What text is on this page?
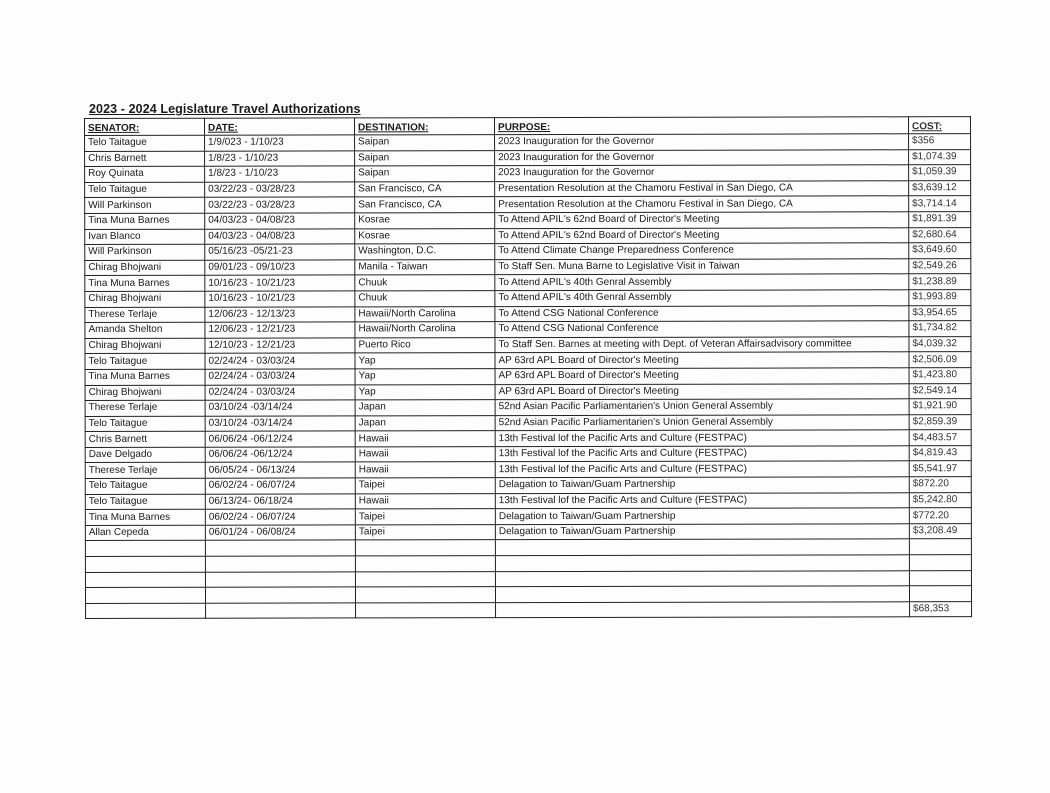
2023 - 2024 Legislature Travel Authorizations
SENATOR:	DATE:	DESTINATION:	PURPOSE:	COST:
Telo Taitague	1/9/023 - 1/10/23	Saipan	2023 Inauguration for the Governor	$356
Chris Barnett	1/8/23 - 1/10/23	Saipan	2023 Inauguration for the Governor	$1,074.39
Roy Quinata	1/8/23 - 1/10/23	Saipan	2023 Inauguration for the Governor	$1,059.39
Telo Taitague	03/22/23 - 03/28/23	San Francisco, CA	Presentation Resolution at the Chamoru Festival in San Diego, CA	$3,639.12
Will Parkinson	03/22/23 - 03/28/23	San Francisco, CA	Presentation Resolution at the Chamoru Festival in San Diego, CA	$3,714.14
Tina Muna Barnes	04/03/23 - 04/08/23	Kosrae	To Attend APIL's 62nd Board of Director's Meeting	$1,891.39
Ivan Blanco	04/03/23 - 04/08/23	Kosrae	To Attend APIL's 62nd Board of Director's Meeting	$2,680.64
Will Parkinson	05/16/23 -05/21-23	Washington, D.C.	To Attend Climate Change Preparedness Conference	$3,649.60
Chirag Bhojwani	09/01/23 - 09/10/23	Manila - Taiwan	To Staff Sen. Muna Barne to Legislative Visit in Taiwan	$2,549.26
Tina Muna Barnes	10/16/23 - 10/21/23	Chuuk	To Attend APIL's 40th Genral Assembly	$1,238.89
Chirag Bhojwani	10/16/23 - 10/21/23	Chuuk	To Attend APIL's 40th Genral Assembly	$1,993.89
Therese Terlaje	12/06/23 - 12/13/23	Hawaii/North Carolina	To Attend CSG National Conference	$3,954.65
Amanda Shelton	12/06/23 - 12/21/23	Hawaii/North Carolina	To Attend CSG National Conference	$1,734.82
Chirag Bhojwani	12/10/23 - 12/21/23	Puerto Rico	To Staff Sen. Barnes at meeting with Dept. of Veteran Affairsadvisory committee	$4,039.32
Telo Taitague	02/24/24 - 03/03/24	Yap	AP 63rd APL Board of Director's Meeting	$2,506.09
Tina Muna Barnes	02/24/24 - 03/03/24	Yap	AP 63rd APL Board of Director's Meeting	$1,423.80
Chirag Bhojwani	02/24/24 - 03/03/24	Yap	AP 63rd APL Board of Director's Meeting	$2,549.14
Therese Terlaje	03/10/24 -03/14/24	Japan	52nd Asian Pacific Parliamentarien's Union General Assembly	$1,921.90
Telo Taitague	03/10/24 -03/14/24	Japan	52nd Asian Pacific Parliamentarien's Union General Assembly	$2,859.39
Chris Barnett	06/06/24 -06/12/24	Hawaii	13th Festival lof the Pacific Arts and Culture (FESTPAC)	$4,483.57
Dave Delgado	06/06/24 -06/12/24	Hawaii	13th Festival lof the Pacific Arts and Culture (FESTPAC)	$4,819.43
Therese Terlaje	06/05/24 - 06/13/24	Hawaii	13th Festival lof the Pacific Arts and Culture (FESTPAC)	$5,541.97
Telo Taitague	06/02/24 - 06/07/24	Taipei	Delagation to Taiwan/Guam Partnership	$872.20
Telo Taitague	06/13/24- 06/18/24	Hawaii	13th Festival lof the Pacific Arts and Culture (FESTPAC)	$5,242.80
Tina Muna Barnes	06/02/24 - 06/07/24	Taipei	Delagation to Taiwan/Guam Partnership	$772.20
Allan Cepeda	06/01/24 - 06/08/24	Taipei	Delagation to Taiwan/Guam Partnership	$3,208.49

				$68,353
